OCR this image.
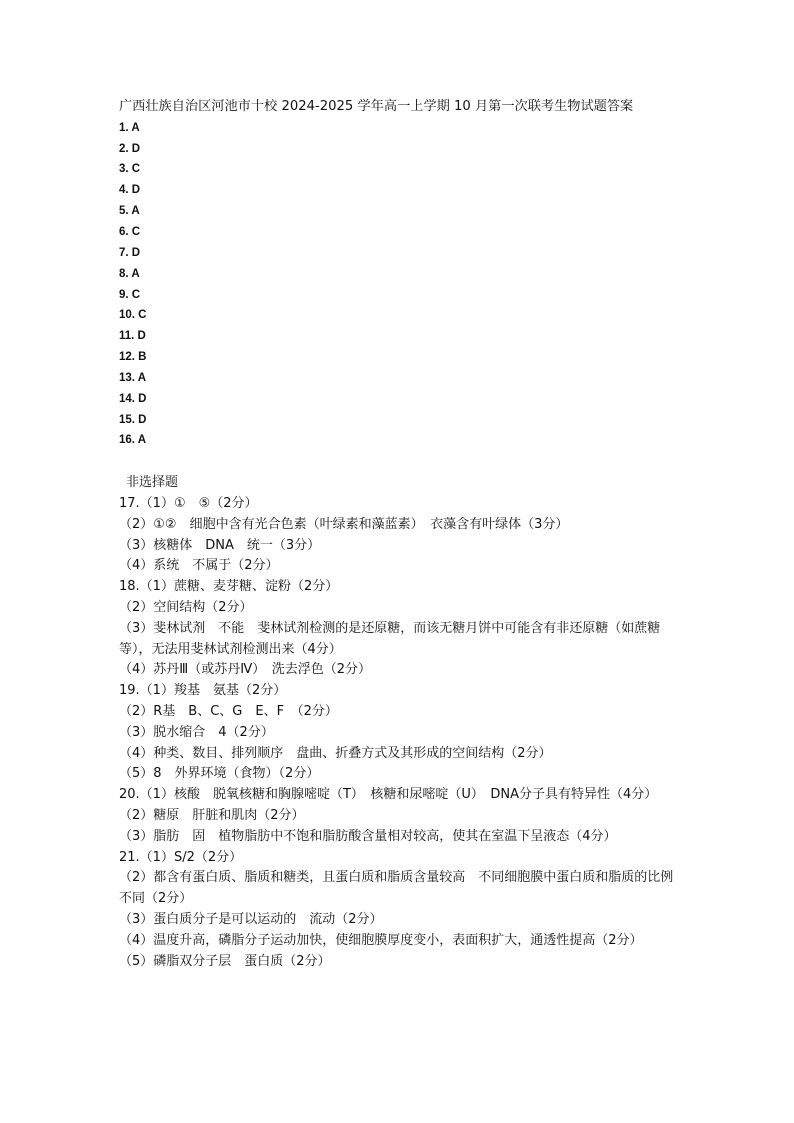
广西壮族自治区河池市十校 2024-2025 学年高一上学期 10 月第一次联考生物试题答案

1. A
2. D
3. C
4. D
5. A
6. C
7. D
8. A
9. C
10. C
11. D
12. B
13. A
14. D
15. D
16. A
非选择题

17.（1）①　⑤（2分）

（2）①②　细胞中含有光合色素（叶绿素和藻蓝素）　衣藻含有叶绿体（3分）

（3）核糖体　DNA　统一（3分）

（4）系统　不属于（2分）

18.（1）蔗糖、麦芽糖、淀粉（2分）

（2）空间结构（2分）

（3）斐林试剂　不能　斐林试剂检测的是还原糖，而该无糖月饼中可能含有非还原糖（如蔗糖等），无法用斐林试剂检测出来（4分）

（4）苏丹Ⅲ（或苏丹Ⅳ）　洗去浮色（2分）

19.（1）羧基　氨基（2分）

（2）R基　B、C、G　E、F　（2分）

（3）脱水缩合　4（2分）

（4）种类、数目、排列顺序　盘曲、折叠方式及其形成的空间结构（2分）

（5）8　外界环境（食物）（2分）

20.（1）核酸　脱氧核糖和胸腺嘧啶（T）　核糖和尿嘧啶（U）　DNA分子具有特异性（4分）

（2）糖原　肝脏和肌肉（2分）

（3）脂肪　固　植物脂肪中不饱和脂肪酸含量相对较高，使其在室温下呈液态（4分）

21.（1）S/2（2分）

（2）都含有蛋白质、脂质和糖类，且蛋白质和脂质含量较高　不同细胞膜中蛋白质和脂质的比例不同（2分）

（3）蛋白质分子是可以运动的　流动（2分）

（4）温度升高，磷脂分子运动加快，使细胞膜厚度变小，表面积扩大，通透性提高（2分）

（5）磷脂双分子层　蛋白质（2分）
